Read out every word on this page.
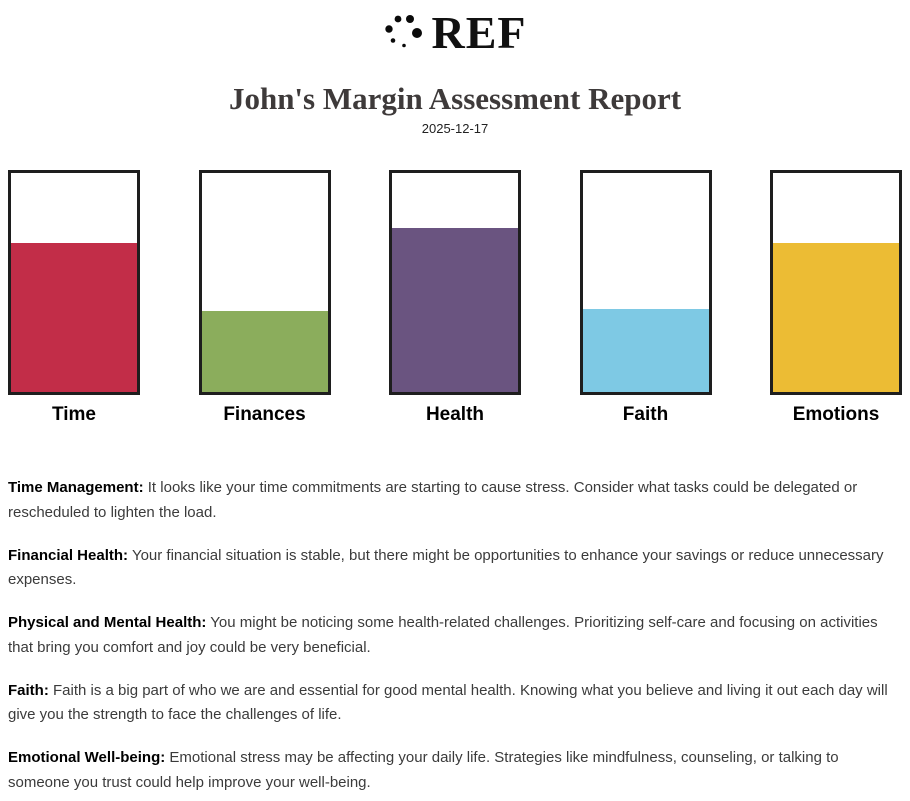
REF
John's Margin Assessment Report
2025-12-17
Time	Finances	Health	Faith	Emotions

Time Management: It looks like your time commitments are starting to cause stress. Consider what tasks could be delegated or rescheduled to lighten the load.

Financial Health: Your financial situation is stable, but there might be opportunities to enhance your savings or reduce unnecessary expenses.

Physical and Mental Health: You might be noticing some health-related challenges. Prioritizing self-care and focusing on activities that bring you comfort and joy could be very beneficial.

Faith: Faith is a big part of who we are and essential for good mental health. Knowing what you believe and living it out each day will give you the strength to face the challenges of life.

Emotional Well-being: Emotional stress may be affecting your daily life. Strategies like mindfulness, counseling, or talking to someone you trust could help improve your well-being.
